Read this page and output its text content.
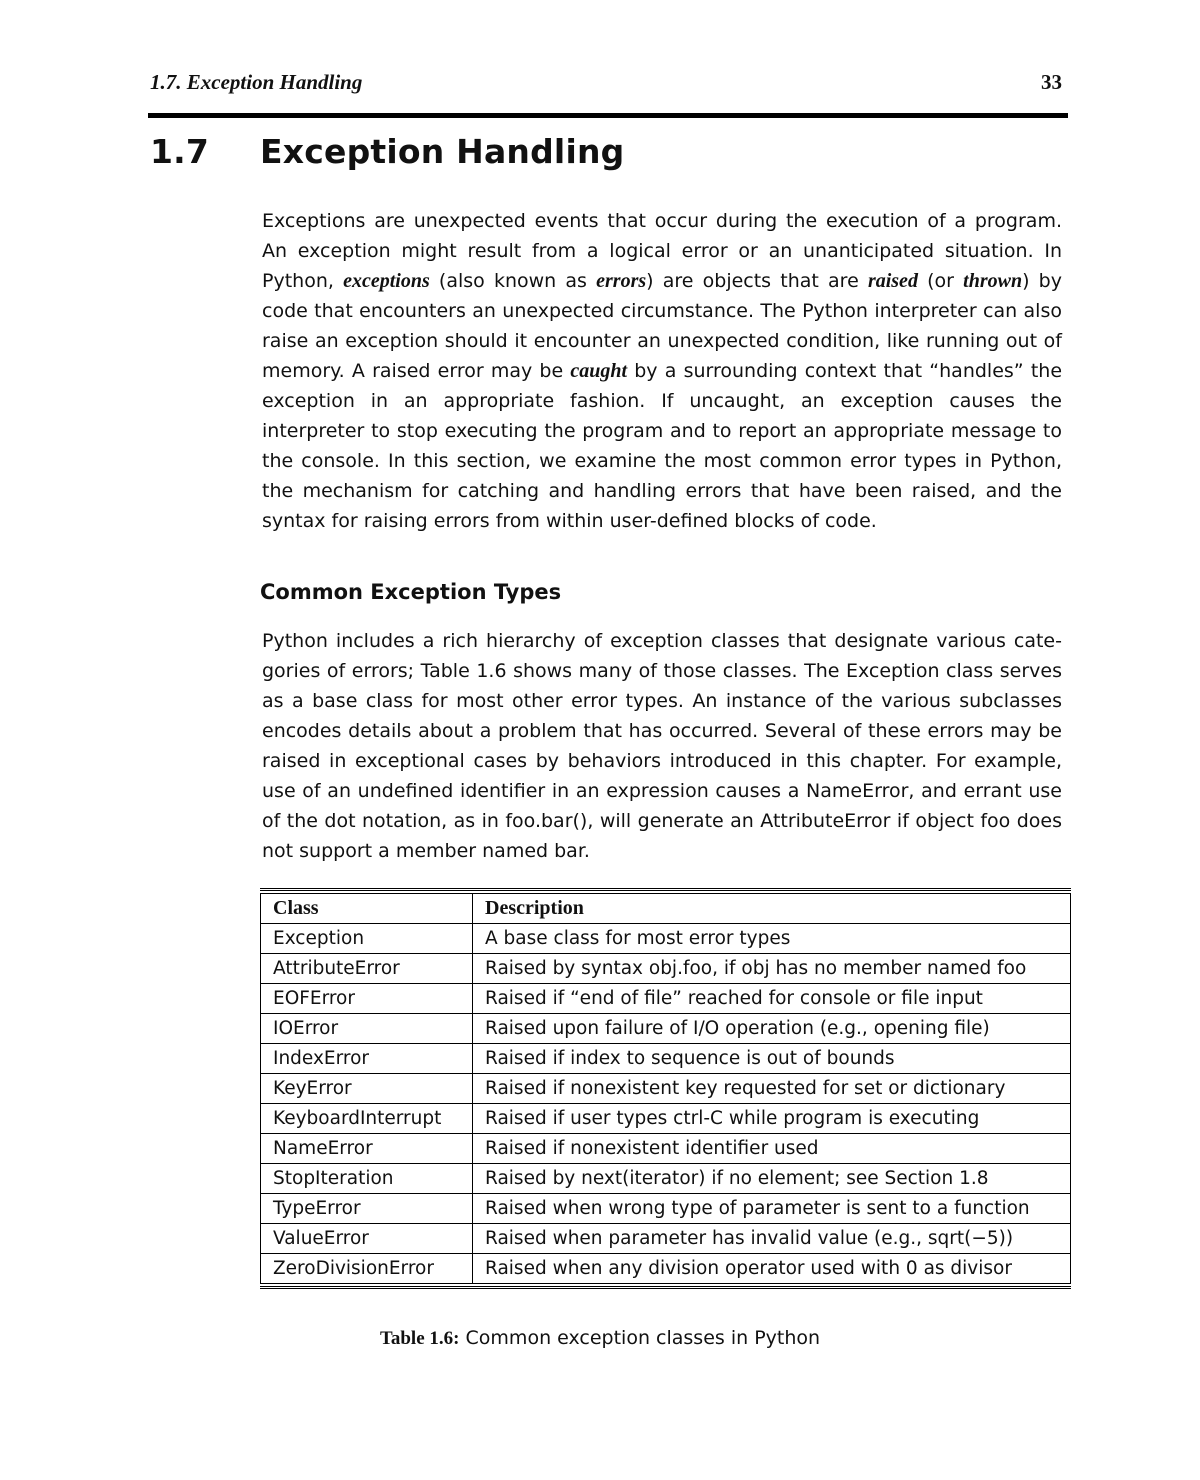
1.7. Exception Handling	33
1.7 Exception Handling
Exceptions are unexpected events that occur during the execution of a program. An exception might result from a logical error or an unanticipated situation. In Python, exceptions (also known as errors) are objects that are raised (or thrown) by code that encounters an unexpected circumstance. The Python interpreter can also raise an exception should it encounter an unexpected condition, like running out of memory. A raised error may be caught by a surrounding context that “handles” the exception in an appropriate fashion. If uncaught, an exception causes the interpreter to stop executing the program and to report an appropriate message to the console. In this section, we examine the most common error types in Python, the mechanism for catching and handling errors that have been raised, and the syntax for raising errors from within user-defined blocks of code.
Common Exception Types
Python includes a rich hierarchy of exception classes that designate various categories of errors; Table 1.6 shows many of those classes. The Exception class serves as a base class for most other error types. An instance of the various subclasses encodes details about a problem that has occurred. Several of these errors may be raised in exceptional cases by behaviors introduced in this chapter. For example, use of an undefined identifier in an expression causes a NameError, and errant use of the dot notation, as in foo.bar(), will generate an AttributeError if object foo does not support a member named bar.
Class	Description
Exception	A base class for most error types
AttributeError	Raised by syntax obj.foo, if obj has no member named foo
EOFError	Raised if “end of file” reached for console or file input
IOError	Raised upon failure of I/O operation (e.g., opening file)
IndexError	Raised if index to sequence is out of bounds
KeyError	Raised if nonexistent key requested for set or dictionary
KeyboardInterrupt	Raised if user types ctrl-C while program is executing
NameError	Raised if nonexistent identifier used
StopIteration	Raised by next(iterator) if no element; see Section 1.8
TypeError	Raised when wrong type of parameter is sent to a function
ValueError	Raised when parameter has invalid value (e.g., sqrt(−5))
ZeroDivisionError	Raised when any division operator used with 0 as divisor
Table 1.6: Common exception classes in Python
